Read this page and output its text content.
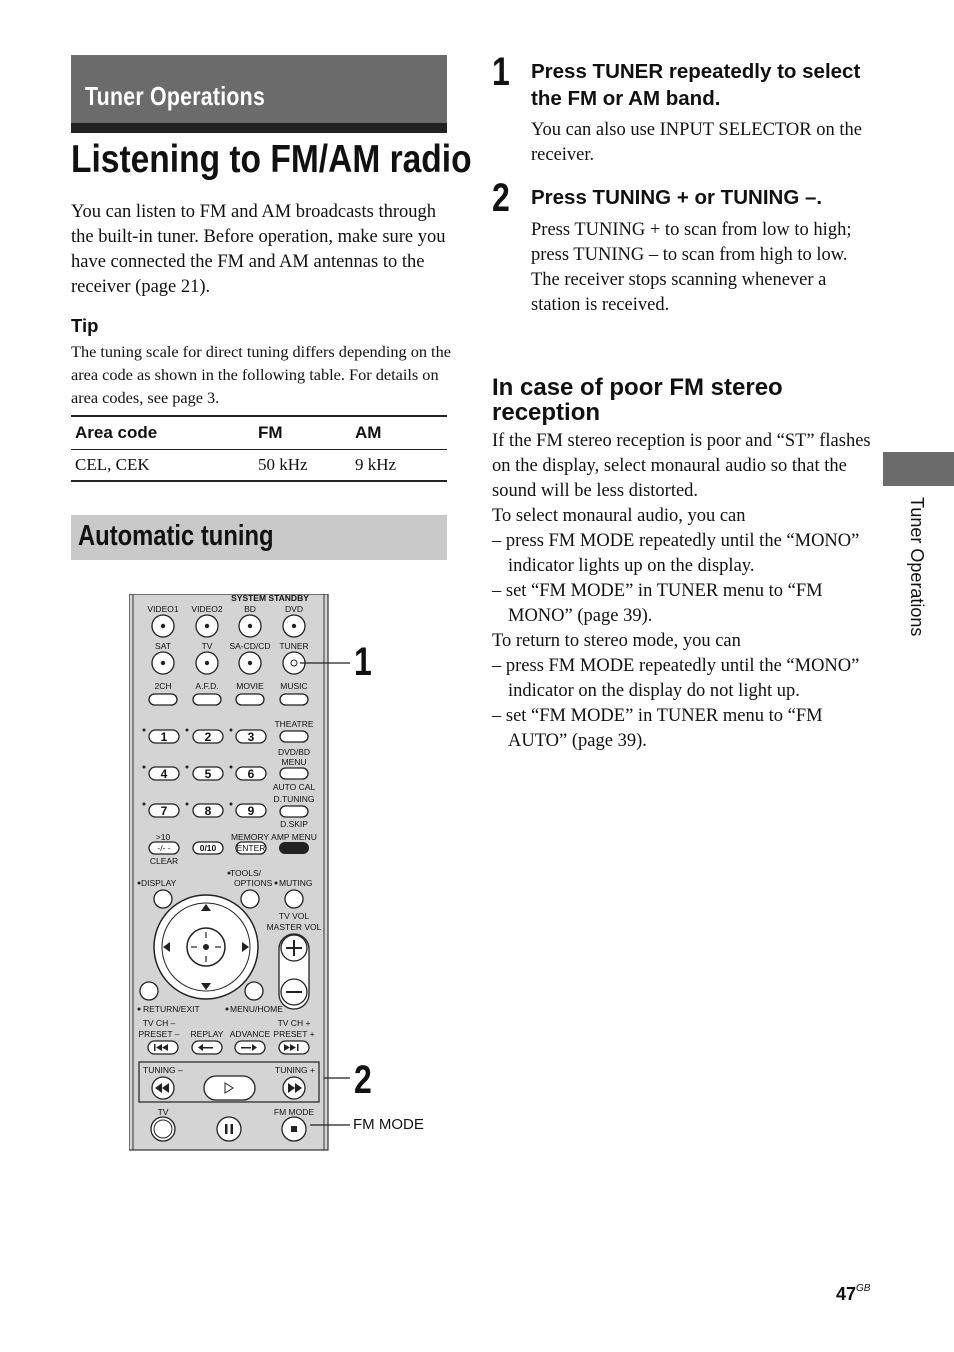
Tuner Operations
Listening to FM/AM radio
You can listen to FM and AM broadcasts through the built-in tuner. Before operation, make sure you have connected the FM and AM antennas to the receiver (page 21).
Tip
The tuning scale for direct tuning differs depending on the area code as shown in the following table. For details on area codes, see page 3.
Area code	FM	AM
CEL, CEK	50 kHz	9 kHz
Automatic tuning
SYSTEM STANDBY
VIDEO1 VIDEO2	BD	DVD
SAT	TV SA-CD/CD TUNER
2CH	A.F.D. MOVIE MUSIC
THEATRE
1	2	3
4	5	6
7	8	9
DVD/BD
MENU
AUTO CAL
D.TUNING
D.SKIP
>10	MEMORY AMP MENU
-/- -	0/10 ENTER
CLEAR
TOOLS/
DISPLAY	OPTIONS MUTING
TV VOL
MASTER VOL
RETURN/EXIT	MENU/HOME
TV CH –
PRESET – REPLAY ADVANCE
TV CH +
PRESET +
TUNING –	TUNING +
TV	FM MODE
1
2
FM MODE
1 Press TUNER repeatedly to select the FM or AM band.
You can also use INPUT SELECTOR on the receiver.
2 Press TUNING + or TUNING –.
Press TUNING + to scan from low to high; press TUNING – to scan from high to low.
The receiver stops scanning whenever a station is received.
In case of poor FM stereo reception
If the FM stereo reception is poor and “ST” flashes on the display, select monaural audio so that the sound will be less distorted.
To select monaural audio, you can
– press FM MODE repeatedly until the “MONO” indicator lights up on the display.
– set “FM MODE” in TUNER menu to “FM MONO” (page 39).
To return to stereo mode, you can
– press FM MODE repeatedly until the “MONO” indicator on the display do not light up.
– set “FM MODE” in TUNER menu to “FM AUTO” (page 39).
Tuner Operations
47 GB
